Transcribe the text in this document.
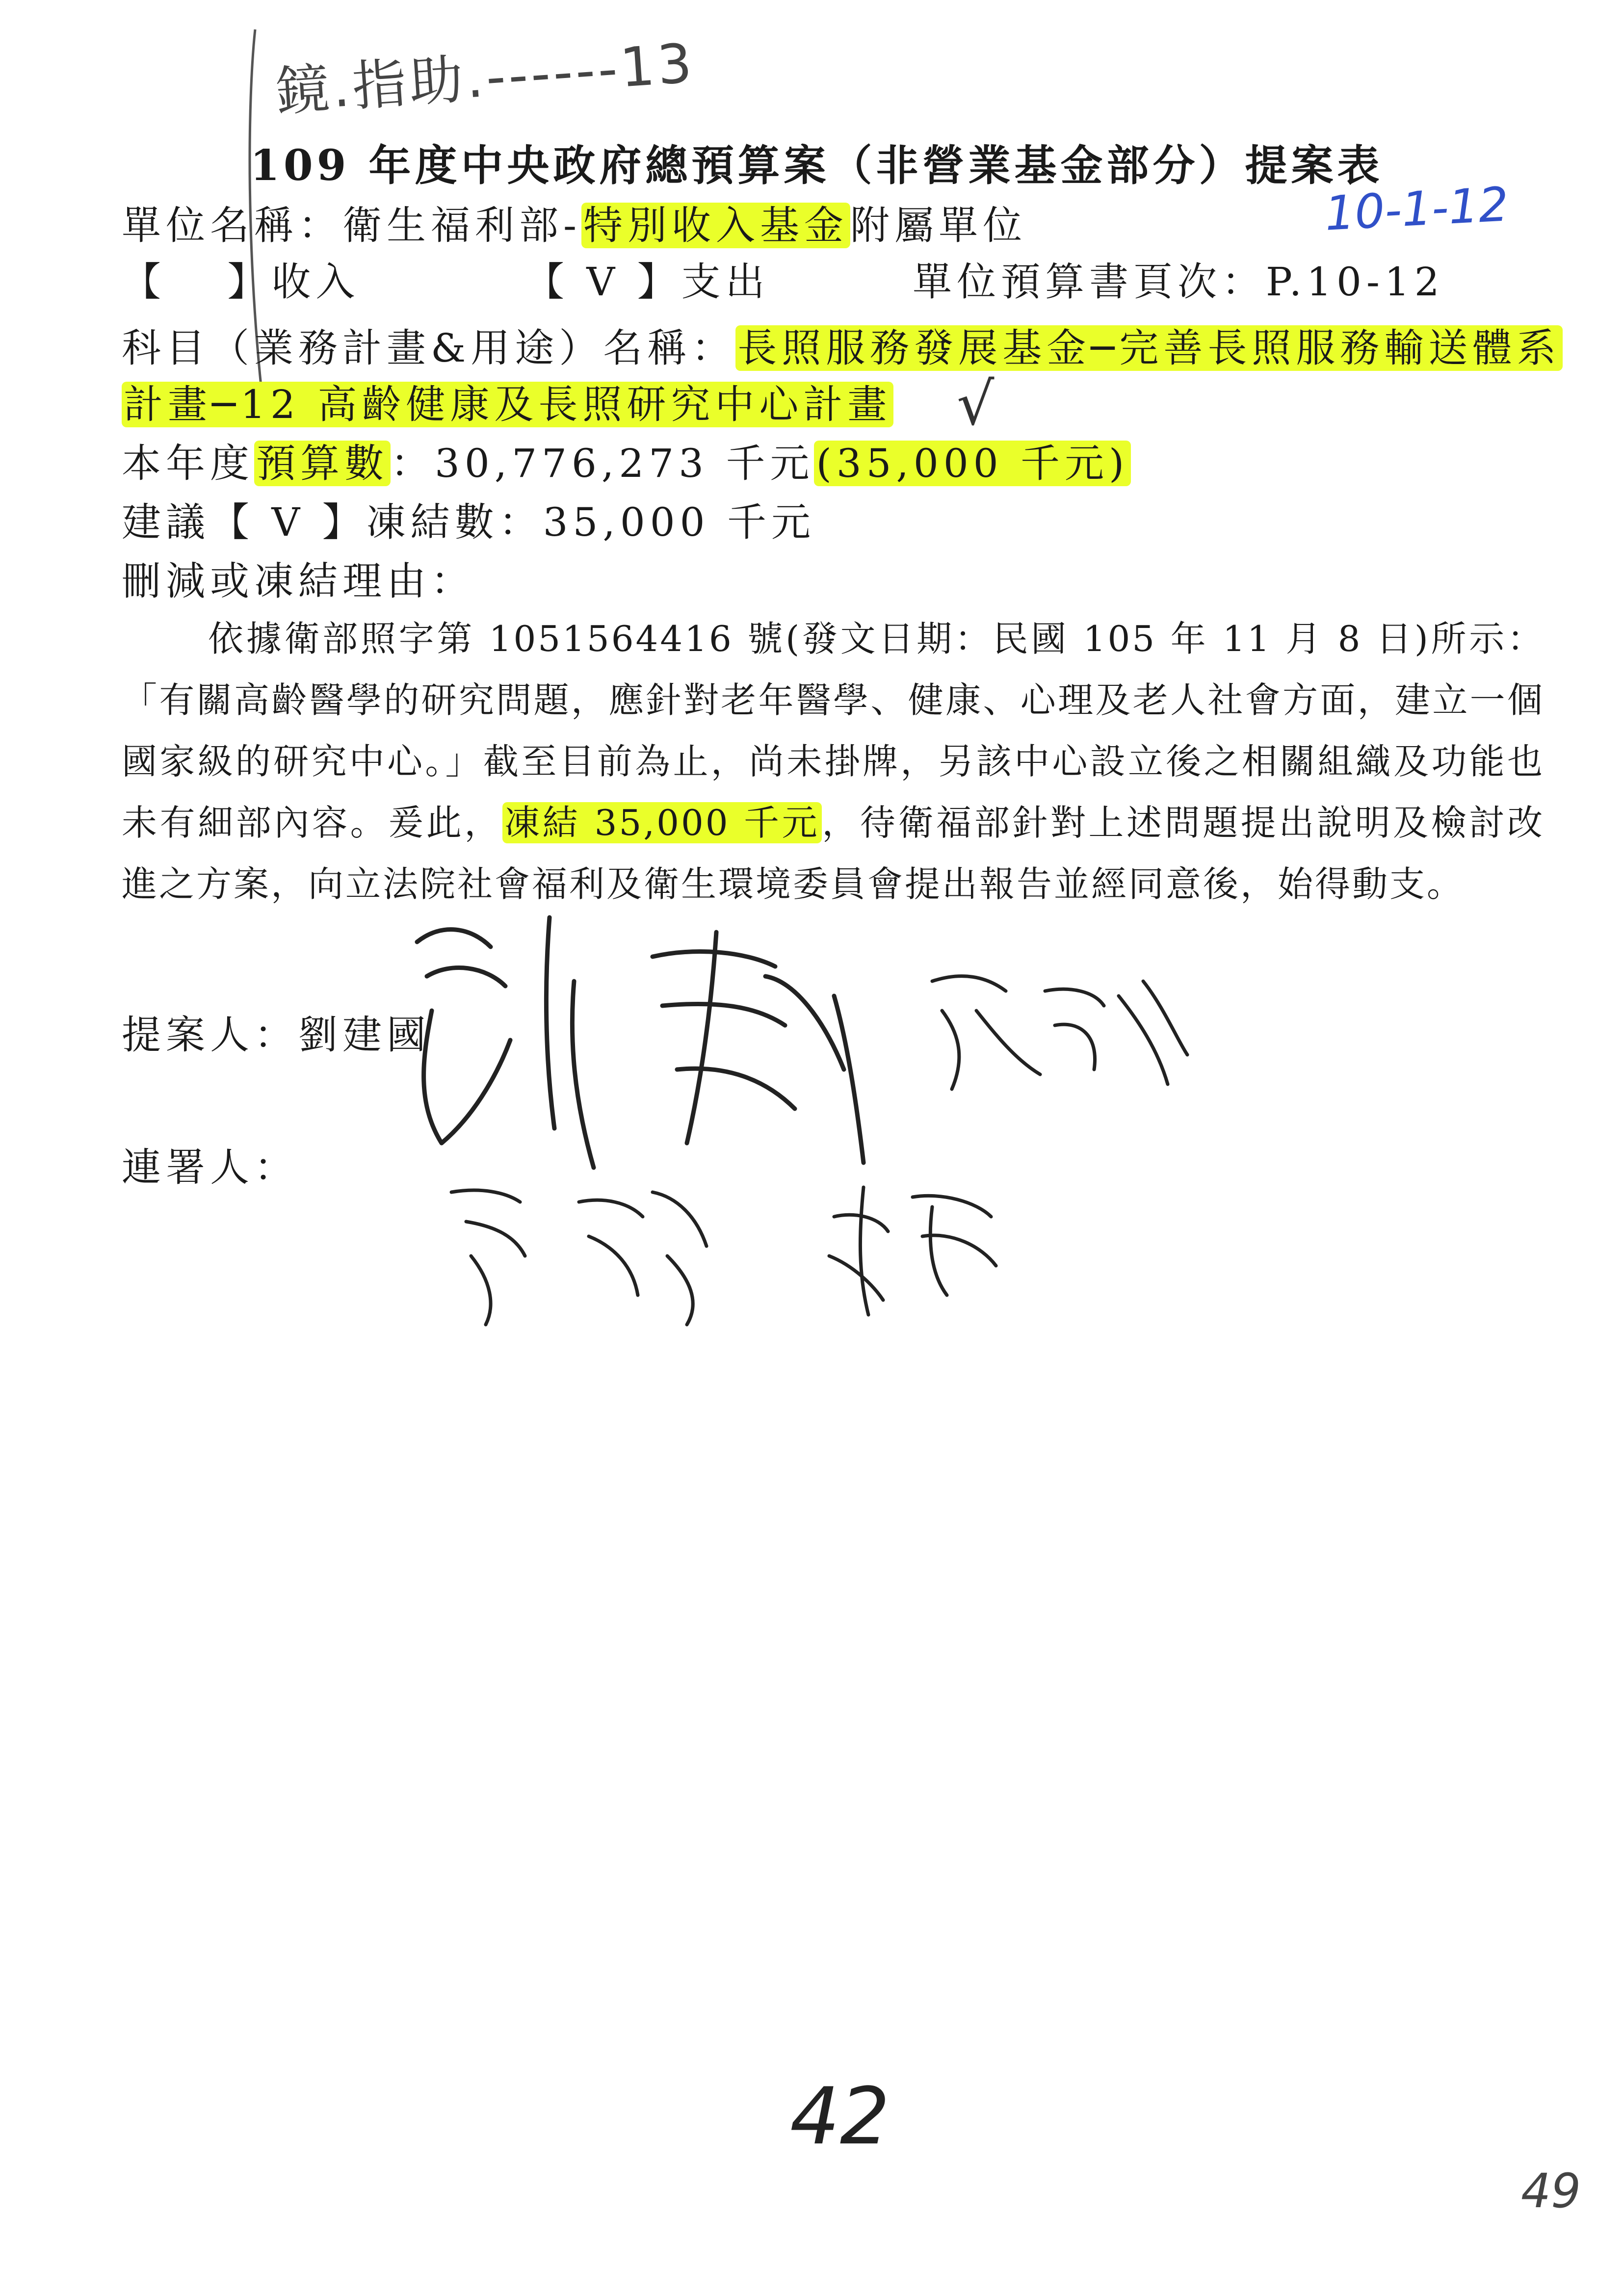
鏡.指助.------13
10-1-12
109 年度中央政府總預算案（非營業基金部分）提案表
單位名稱：衛生福利部-特別收入基金附屬單位
【　 】收入	【 V 】支出	單位預算書頁次：P.10-12
科目（業務計畫&用途）名稱：長照服務發展基金─完善長照服務輸送體系
計畫─12 高齡健康及長照研究中心計畫 √
本年度預算數：30,776,273 千元(35,000 千元)
建議【 V 】凍結數：35,000 千元
刪減或凍結理由：
依據衛部照字第 1051564416 號(發文日期：民國 105 年 11 月 8 日)所示：「有關高齡醫學的研究問題，應針對老年醫學、健康、心理及老人社會方面，建立一個國家級的研究中心。」截至目前為止，尚未掛牌，另該中心設立後之相關組織及功能也未有細部內容。爰此，凍結 35,000 千元，待衛福部針對上述問題提出說明及檢討改進之方案，向立法院社會福利及衛生環境委員會提出報告並經同意後，始得動支。
提案人：劉建國
連署人：
42
49
